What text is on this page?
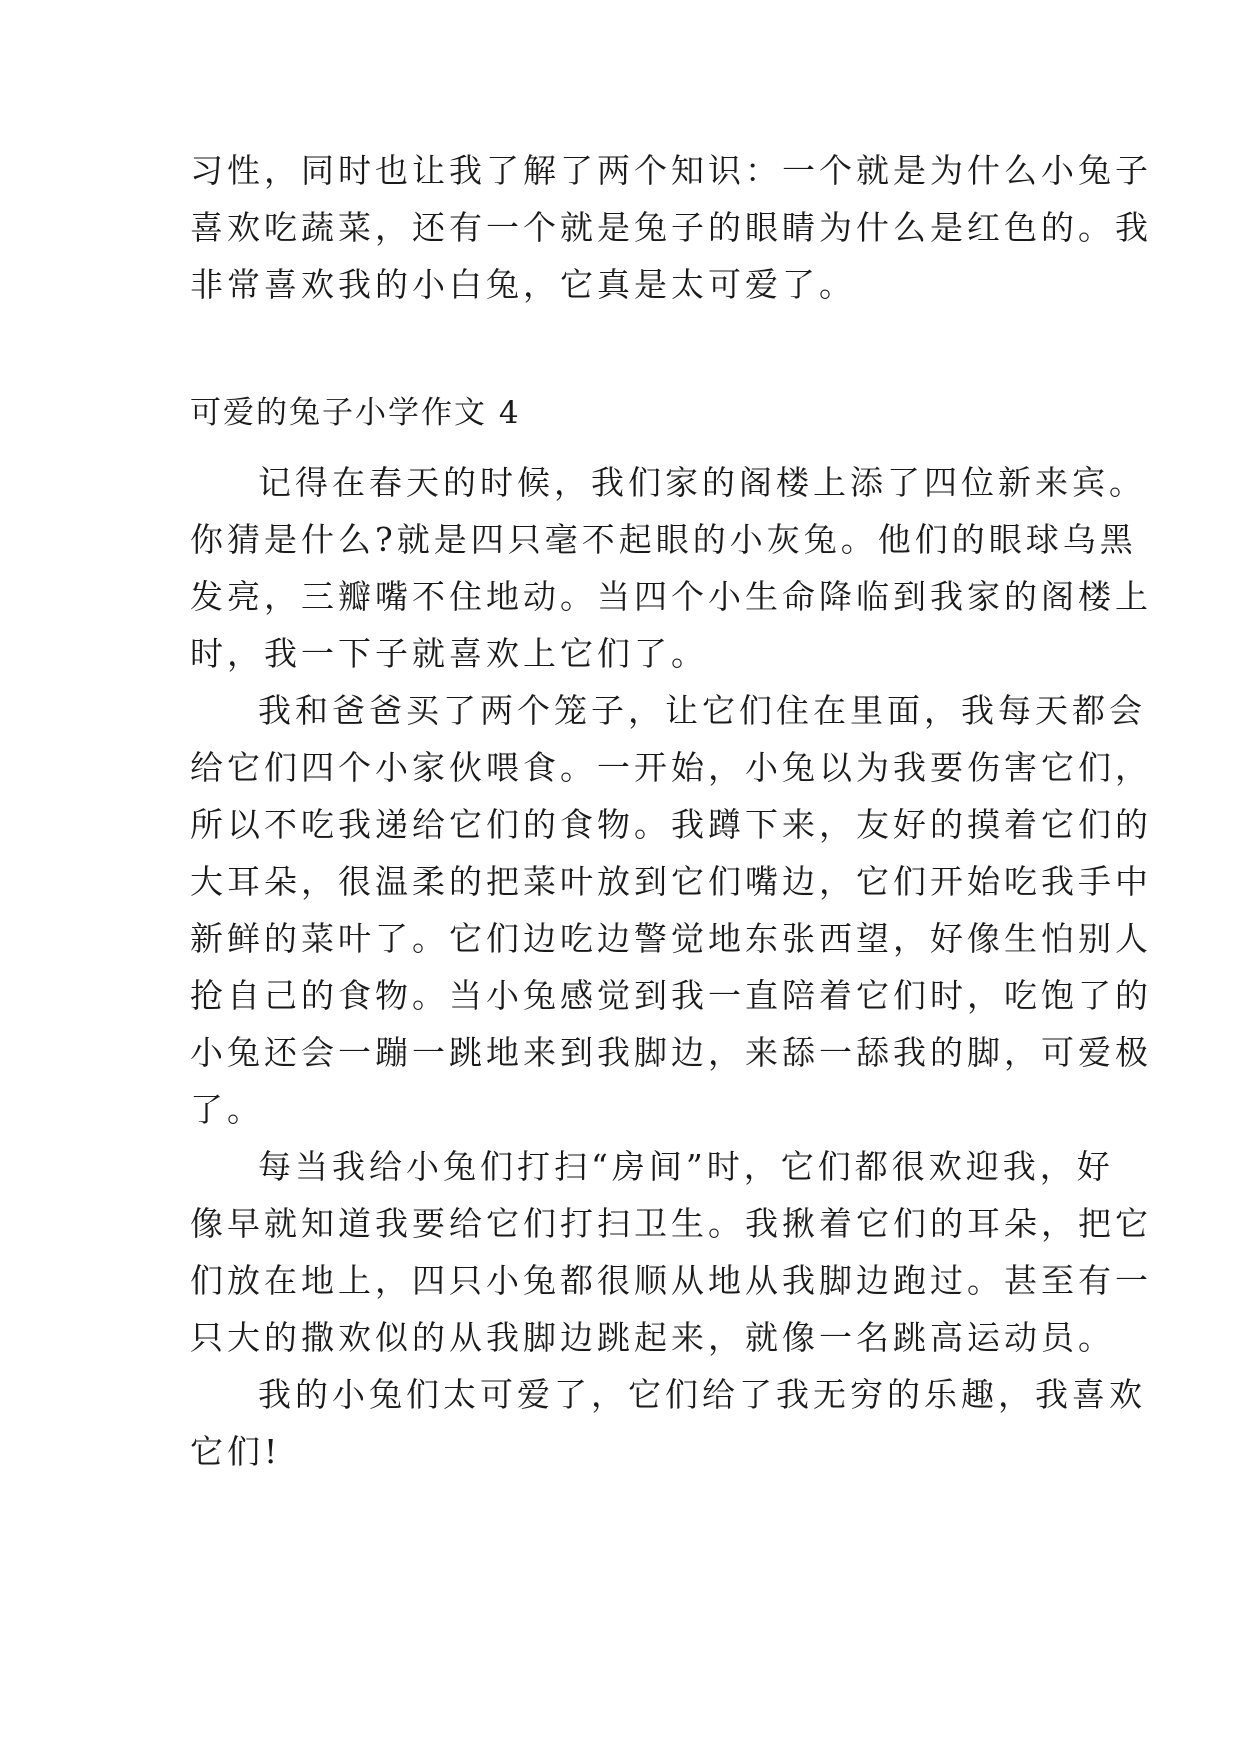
习性，同时也让我了解了两个知识：一个就是为什么小兔子
喜欢吃蔬菜，还有一个就是兔子的眼睛为什么是红色的。我
非常喜欢我的小白兔，它真是太可爱了。
可爱的兔子小学作文 4
记得在春天的时候，我们家的阁楼上添了四位新来宾。
你猜是什么?就是四只毫不起眼的小灰兔。他们的眼球乌黑
发亮，三瓣嘴不住地动。当四个小生命降临到我家的阁楼上
时，我一下子就喜欢上它们了。
我和爸爸买了两个笼子，让它们住在里面，我每天都会
给它们四个小家伙喂食。一开始，小兔以为我要伤害它们，
所以不吃我递给它们的食物。我蹲下来，友好的摸着它们的
大耳朵，很温柔的把菜叶放到它们嘴边，它们开始吃我手中
新鲜的菜叶了。它们边吃边警觉地东张西望，好像生怕别人
抢自己的食物。当小兔感觉到我一直陪着它们时，吃饱了的
小兔还会一蹦一跳地来到我脚边，来舔一舔我的脚，可爱极
了。
每当我给小兔们打扫“房间”时，它们都很欢迎我，好
像早就知道我要给它们打扫卫生。我揪着它们的耳朵，把它
们放在地上，四只小兔都很顺从地从我脚边跑过。甚至有一
只大的撒欢似的从我脚边跳起来，就像一名跳高运动员。
我的小兔们太可爱了，它们给了我无穷的乐趣，我喜欢
它们!
